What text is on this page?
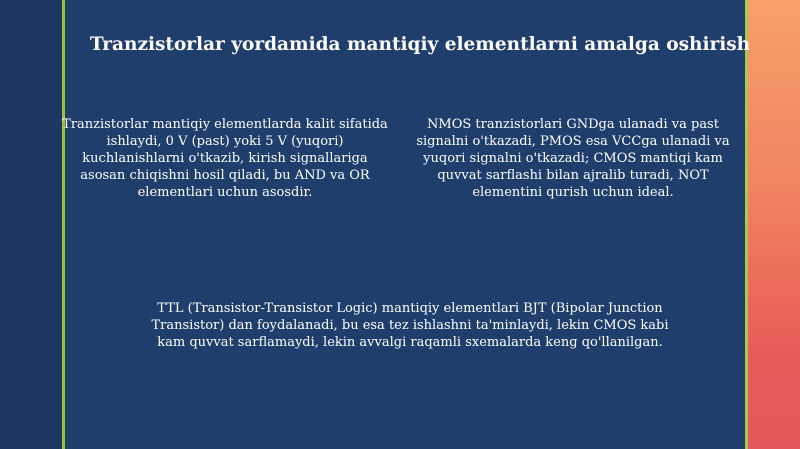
Tranzistorlar yordamida mantiqiy elementlarni amalga oshirish
Tranzistorlar mantiqiy elementlarda kalit sifatida ishlaydi, 0 V (past) yoki 5 V (yuqori) kuchlanishlarni o'tkazib, kirish signallariga asosan chiqishni hosil qiladi, bu AND va OR elementlari uchun asosdir.
NMOS tranzistorlari GNDga ulanadi va past signalni o'tkazadi, PMOS esa VCCga ulanadi va yuqori signalni o'tkazadi; CMOS mantiqi kam quvvat sarflashi bilan ajralib turadi, NOT elementini qurish uchun ideal.
TTL (Transistor-Transistor Logic) mantiqiy elementlari BJT (Bipolar Junction Transistor) dan foydalanadi, bu esa tez ishlashni ta'minlaydi, lekin CMOS kabi kam quvvat sarflamaydi, lekin avvalgi raqamli sxemalarda keng qo'llanilgan.
